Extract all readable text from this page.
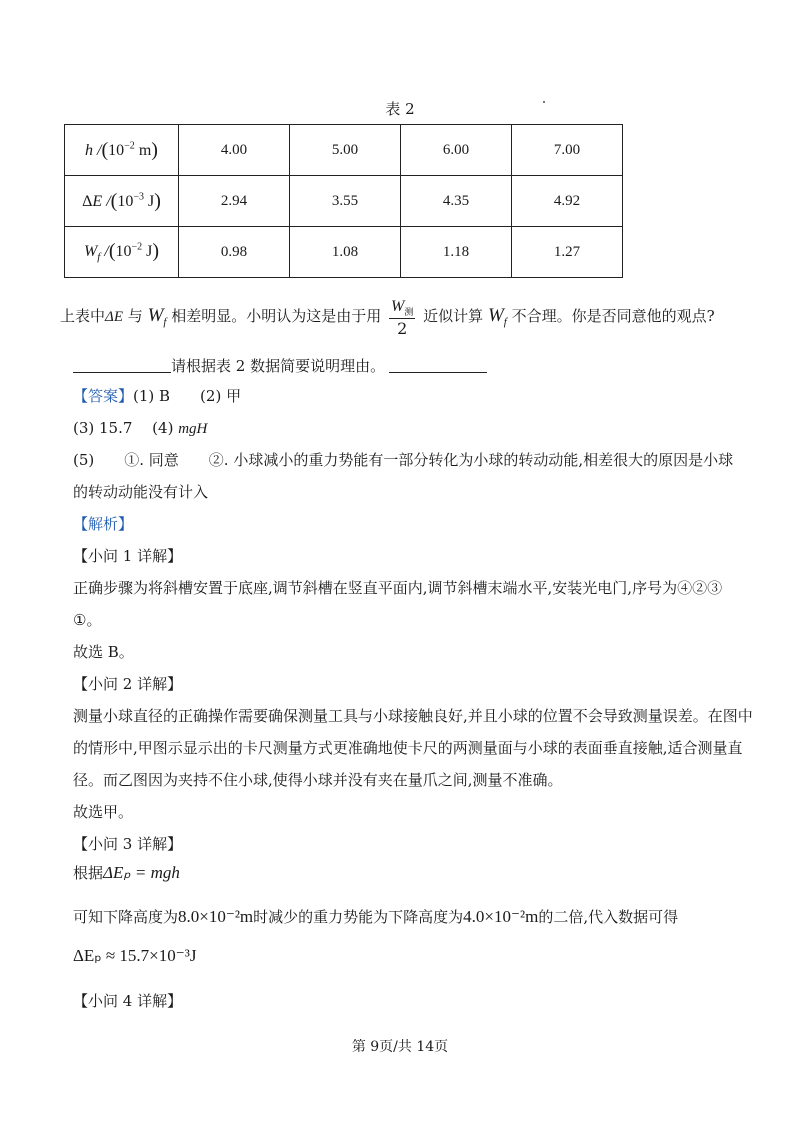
表 2
h $/(10^{-2}$ m)	4.00	5.00	6.00	7.00
ΔE $/(10^{-3}$ J)	2.94	3.55	4.35	4.92
$W_f$ $/(10^{-2}$ J)	0.98	1.08	1.18	1.27
上表中ΔE 与 $W_f$ 相差明显。小明认为这是由于用 $\frac{W_测}{2}$ 近似计算 $W_f$ 不合理。你是否同意他的观点?
请根据表 2 数据简要说明理由。
【答案】(1) B　　(2) 甲
(3) 15.7　 (4) mgH
(5)　　①. 同意　　②. 小球减小的重力势能有一部分转化为小球的转动动能,相差很大的原因是小球
的转动动能没有计入
【解析】
【小问 1 详解】
正确步骤为将斜槽安置于底座,调节斜槽在竖直平面内,调节斜槽末端水平,安装光电门,序号为④②③
①。
故选 B。
【小问 2 详解】
测量小球直径的正确操作需要确保测量工具与小球接触良好,并且小球的位置不会导致测量误差。在图中
的情形中,甲图示显示出的卡尺测量方式更准确地使卡尺的两测量面与小球的表面垂直接触,适合测量直
径。而乙图因为夹持不住小球,使得小球并没有夹在量爪之间,测量不准确。
故选甲。
【小问 3 详解】
根据ΔEₚ = mgh
可知下降高度为8.0×10⁻²m时减少的重力势能为下降高度为4.0×10⁻²m的二倍,代入数据可得
ΔEₚ ≈ 15.7×10⁻³J
【小问 4 详解】
第 9页/共 14页
